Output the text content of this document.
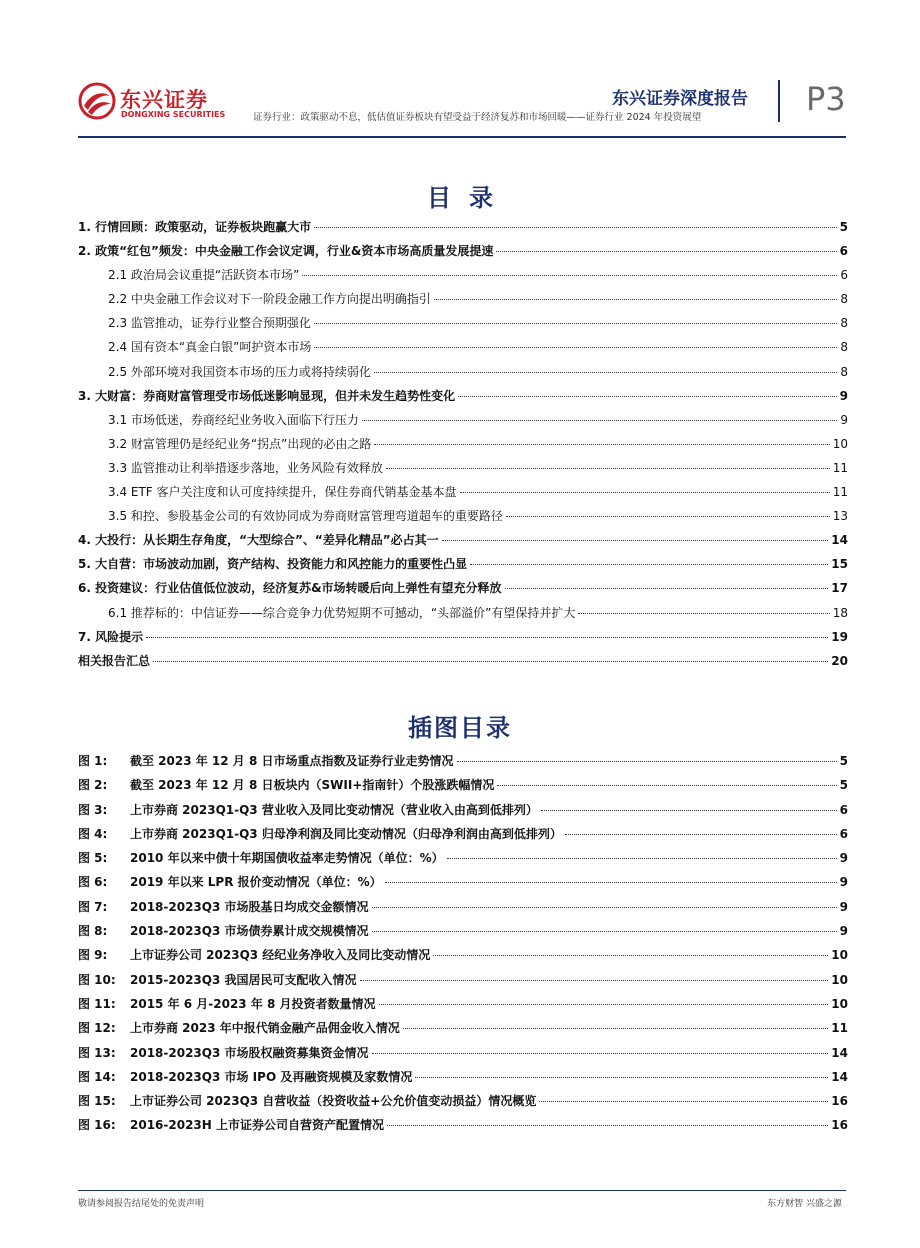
东兴证券
DONGXING SECURITIES
东兴证券深度报告
证券行业：政策驱动不息，低估值证券板块有望受益于经济复苏和市场回暖——证券行业 2024 年投资展望	P3
目录
1. 行情回顾：政策驱动，证券板块跑赢大市	5
2. 政策“红包”频发：中央金融工作会议定调，行业&资本市场高质量发展提速	6
2.1 政治局会议重提“活跃资本市场”	6
2.2 中央金融工作会议对下一阶段金融工作方向提出明确指引	8
2.3 监管推动，证券行业整合预期强化	8
2.4 国有资本“真金白银”呵护资本市场	8
2.5 外部环境对我国资本市场的压力或将持续弱化	8
3. 大财富：券商财富管理受市场低迷影响显现，但并未发生趋势性变化	9
3.1 市场低迷，券商经纪业务收入面临下行压力	9
3.2 财富管理仍是经纪业务“拐点”出现的必由之路	10
3.3 监管推动让利举措逐步落地，业务风险有效释放	11
3.4 ETF 客户关注度和认可度持续提升，保住券商代销基金基本盘	11
3.5 和控、参股基金公司的有效协同成为券商财富管理弯道超车的重要路径	13
4. 大投行：从长期生存角度，“大型综合”、“差异化精品”必占其一	14
5. 大自营：市场波动加剧，资产结构、投资能力和风控能力的重要性凸显	15
6. 投资建议：行业估值低位波动，经济复苏&市场转暖后向上弹性有望充分释放	17
6.1 推荐标的：中信证券——综合竞争力优势短期不可撼动，“头部溢价”有望保持并扩大	18
7. 风险提示	19
相关报告汇总	20
插图目录
图 1: 截至 2023 年 12 月 8 日市场重点指数及证券行业走势情况	5
图 2: 截至 2023 年 12 月 8 日板块内（SWII+指南针）个股涨跌幅情况	5
图 3: 上市券商 2023Q1-Q3 营业收入及同比变动情况（营业收入由高到低排列）	6
图 4: 上市券商 2023Q1-Q3 归母净利润及同比变动情况（归母净利润由高到低排列）	6
图 5: 2010 年以来中债十年期国债收益率走势情况（单位：%）	9
图 6: 2019 年以来 LPR 报价变动情况（单位：%）	9
图 7: 2018-2023Q3 市场股基日均成交金额情况	9
图 8: 2018-2023Q3 市场债券累计成交规模情况	9
图 9: 上市证券公司 2023Q3 经纪业务净收入及同比变动情况	10
图 10: 2015-2023Q3 我国居民可支配收入情况	10
图 11: 2015 年 6 月-2023 年 8 月投资者数量情况	10
图 12: 上市券商 2023 年中报代销金融产品佣金收入情况	11
图 13: 2018-2023Q3 市场股权融资募集资金情况	14
图 14: 2018-2023Q3 市场 IPO 及再融资规模及家数情况	14
图 15: 上市证券公司 2023Q3 自营收益（投资收益+公允价值变动损益）情况概览	16
图 16: 2016-2023H 上市证券公司自营资产配置情况	16
敬请参阅报告结尾处的免责声明	东方财智 兴盛之源
